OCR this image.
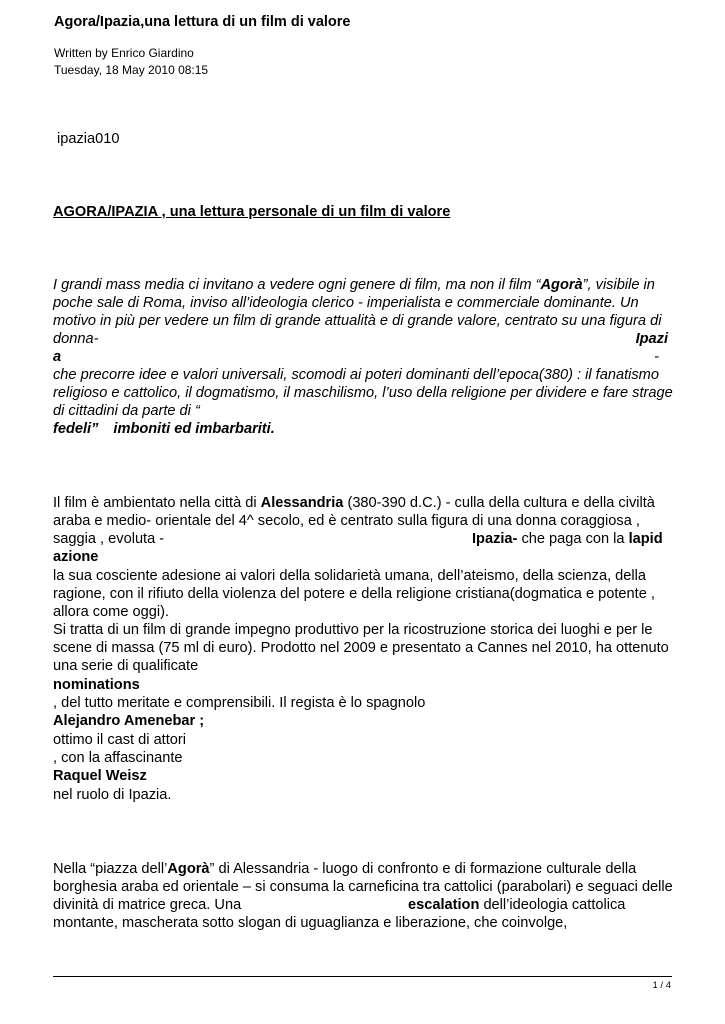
Agora/Ipazia,una lettura di un film di valore
Written by Enrico Giardino
Tuesday, 18 May 2010 08:15
ipazia010
AGORA/IPAZIA , una lettura personale di un film di valore
I grandi mass media ci invitano a vedere ogni genere di film, ma non il film “Agorà”, visibile in
poche sale di Roma, inviso all’ideologia clerico - imperialista e commerciale dominante. Un
motivo in più per vedere un film di grande attualità e di grande valore, centrato su una figura di
donna-	Ipazi
a	-
che precorre idee e valori universali, scomodi ai poteri dominanti dell’epoca(380) : il fanatismo
religioso e cattolico, il dogmatismo, il maschilismo, l’uso della religione per dividere e fare strage
di cittadini da parte di “
fedeli”  imboniti ed imbarbariti.
Il film è ambientato nella città di Alessandria (380-390 d.C.) - culla della cultura e della civiltà
araba e medio- orientale del 4^ secolo, ed è centrato sulla figura di una donna coraggiosa ,
saggia , evoluta -	Ipazia- che paga con la lapid
azione
la sua cosciente adesione ai valori della solidarietà umana, dell’ateismo, della scienza, della
ragione, con il rifiuto della violenza del potere e della religione cristiana(dogmatica e potente ,
allora come oggi).
Si tratta di un film di grande impegno produttivo per la ricostruzione storica dei luoghi e per le
scene di massa (75 ml di euro). Prodotto nel 2009 e presentato a Cannes nel 2010, ha ottenuto
una serie di qualificate
nominations
, del tutto meritate e comprensibili. Il regista è lo spagnolo
Alejandro Amenebar ;
ottimo il cast di attori
, con la affascinante
Raquel Weisz
nel ruolo di Ipazia.
Nella “piazza dell’Agorà” di Alessandria - luogo di confronto e di formazione culturale della
borghesia araba ed orientale – si consuma la carneficina tra cattolici (parabolari) e seguaci delle
divinità di matrice greca. Una	escalation dell’ideologia cattolica
montante, mascherata sotto slogan di uguaglianza e liberazione, che coinvolge,
1 / 4
